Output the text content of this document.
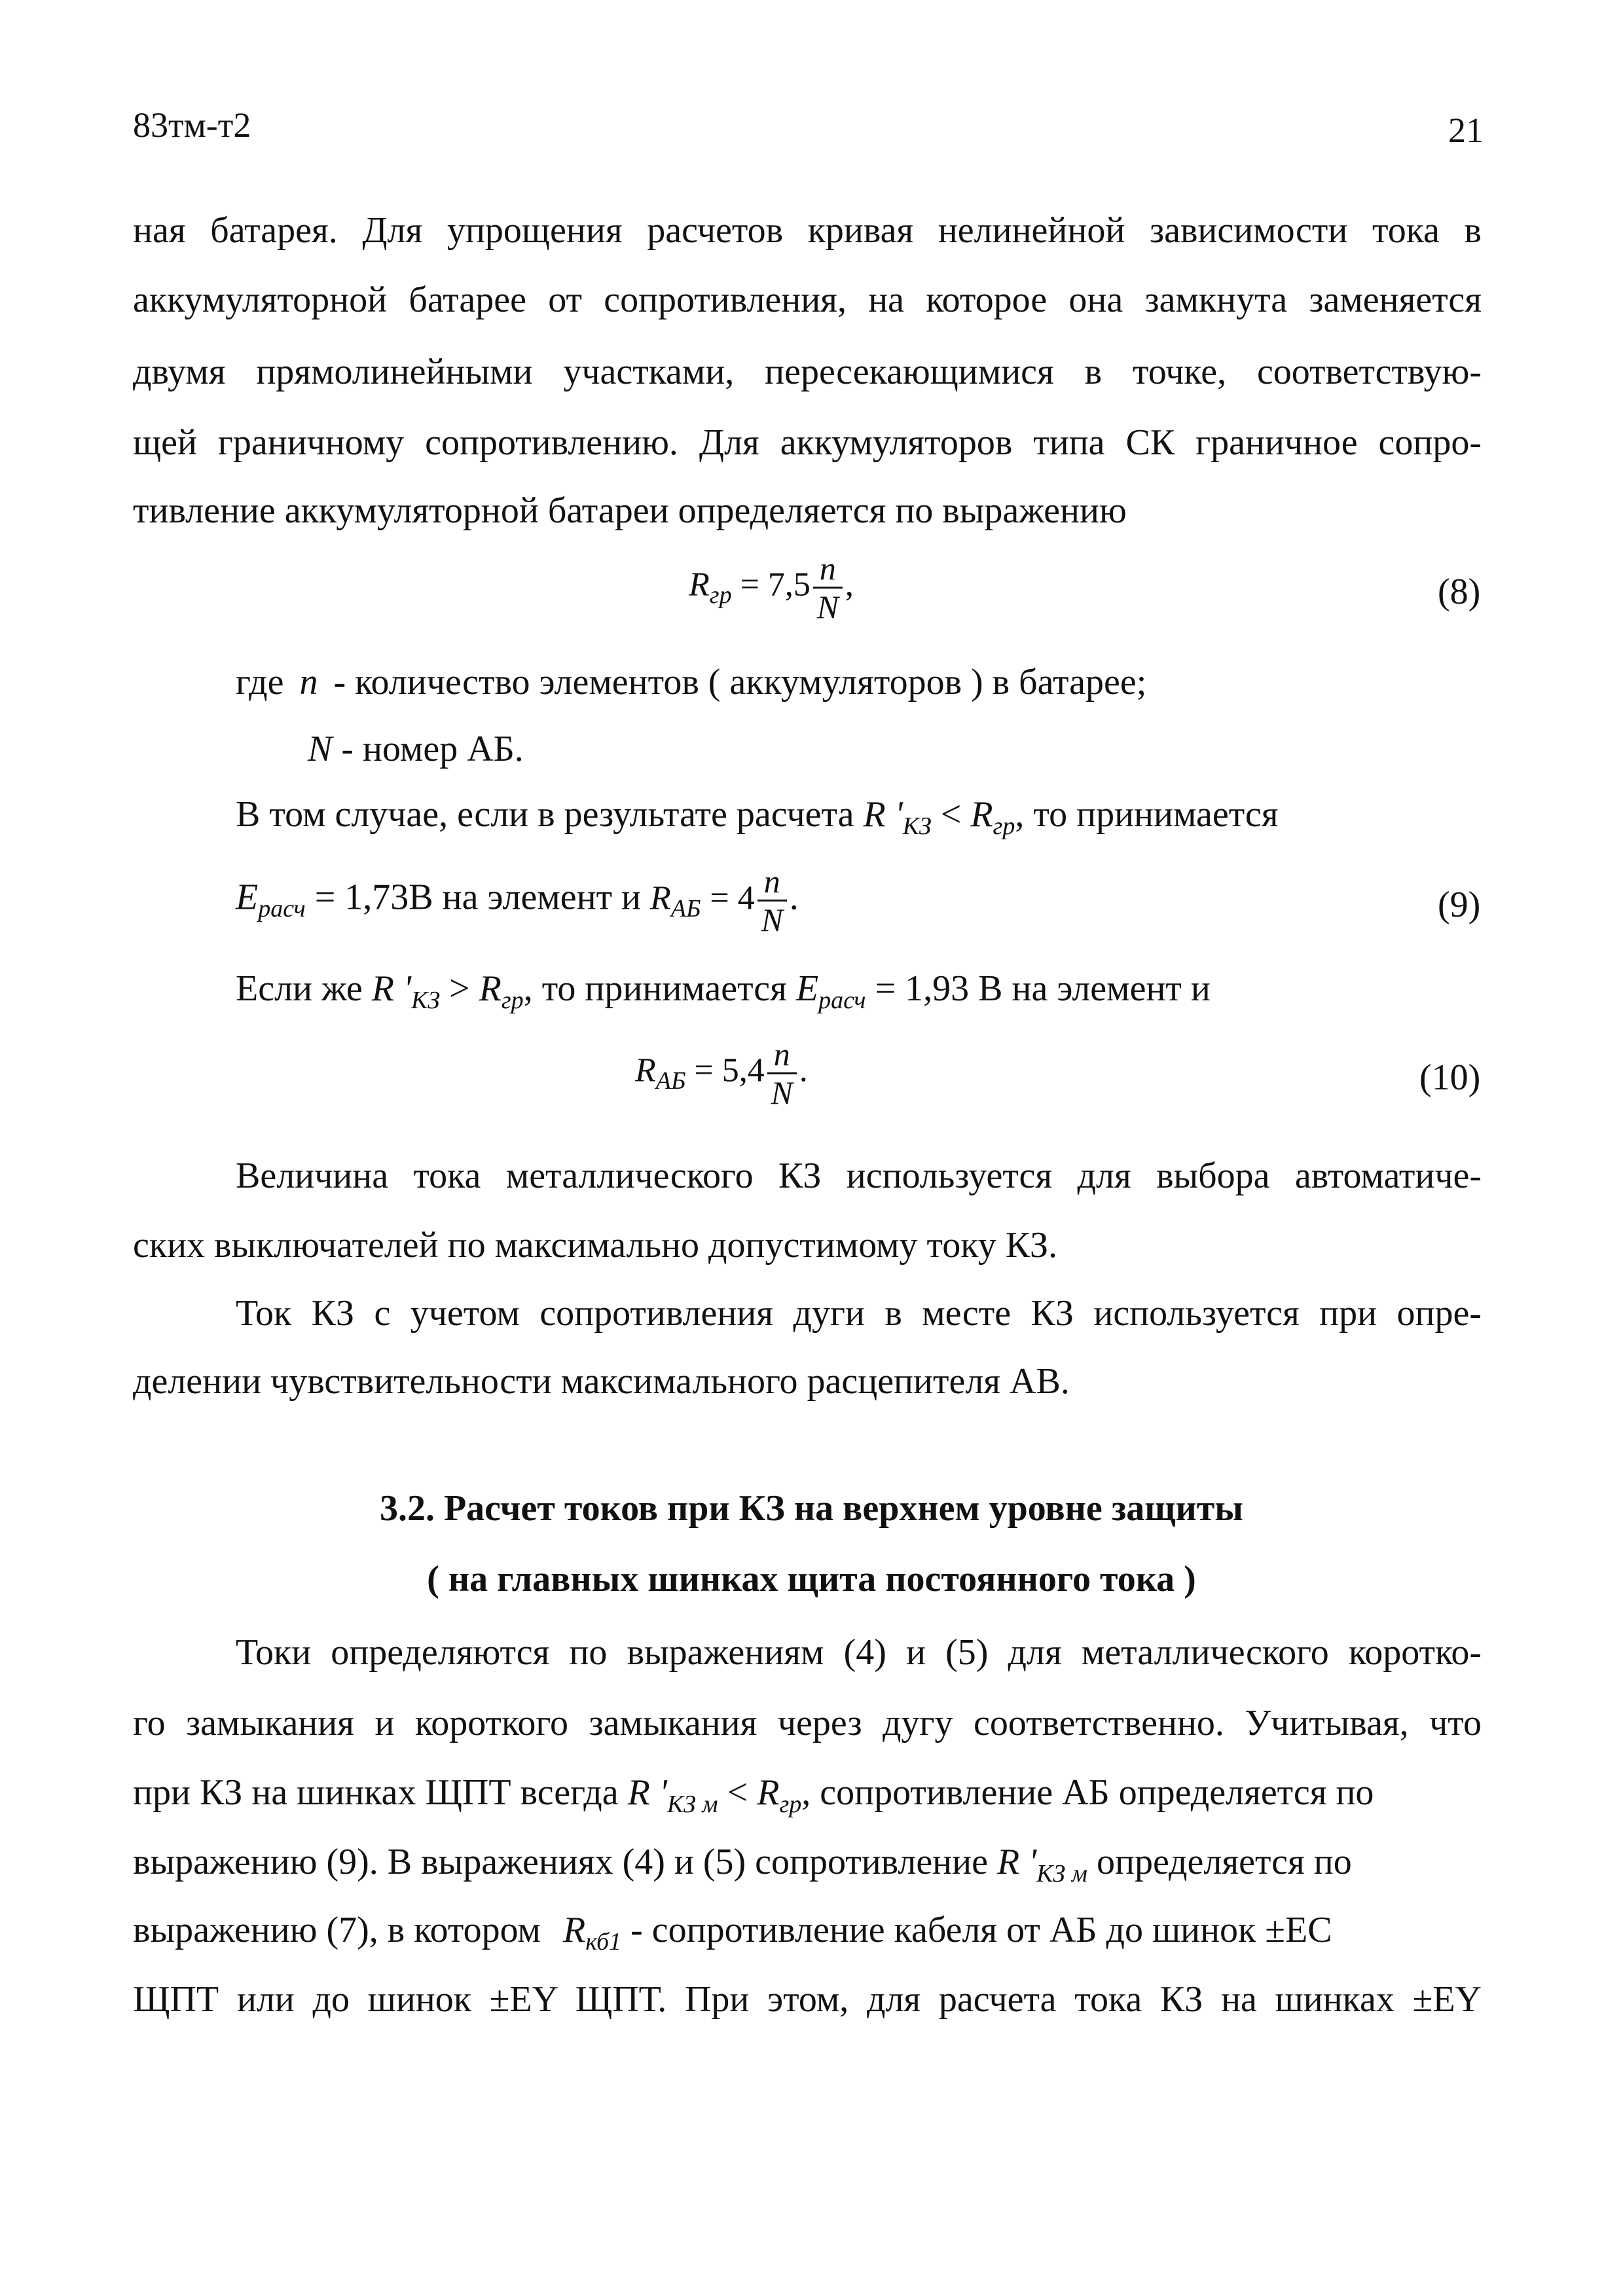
83тм-т2	21
ная батарея. Для упрощения расчетов кривая нелинейной зависимости тока в
аккумуляторной батарее от сопротивления, на которое она замкнута заменяется
двумя прямолинейными участками, пересекающимися в точке, соответствую-
щей граничному сопротивлению. Для аккумуляторов типа СК граничное сопро-
тивление аккумуляторной батареи определяется по выражению
$R_{гр} = 7,5 \frac{n}{N}$ ,	(8)
где n - количество элементов ( аккумуляторов ) в батарее;
N - номер АБ.
В том случае, если в результате расчета R '$_{КЗ} < R_{гр}$, то принимается
$E_{расч} = 1,73В$ на элемент и $R_{АБ} = 4 \frac{n}{N}$ .	(9)
Если же R '$_{КЗ} > R_{гр}$, то принимается $E_{расч} = 1,93$ В на элемент и
$R_{АБ} = 5,4 \frac{n}{N}$ .	(10)
Величина тока металлического КЗ используется для выбора автоматиче-
ских выключателей по максимально допустимому току КЗ.
Ток КЗ с учетом сопротивления дуги в месте КЗ используется при опре-
делении чувствительности максимального расцепителя АВ.
3.2. Расчет токов при КЗ на верхнем уровне защиты
( на главных шинках щита постоянного тока )
Токи определяются по выражениям (4) и (5) для металлического коротко-
го замыкания и короткого замыкания через дугу соответственно. Учитывая, что
при КЗ на шинках ЩПТ всегда R '$_{КЗ м} < R_{гр}$, сопротивление АБ определяется по
выражению (9). В выражениях (4) и (5) сопротивление R '$_{КЗ м}$ определяется по
выражению (7), в котором $R_{кб1}$ - сопротивление кабеля от АБ до шинок ±ЕС
ЩПТ или до шинок ±ЕY ЩПТ. При этом, для расчета тока КЗ на шинках ±ЕY
